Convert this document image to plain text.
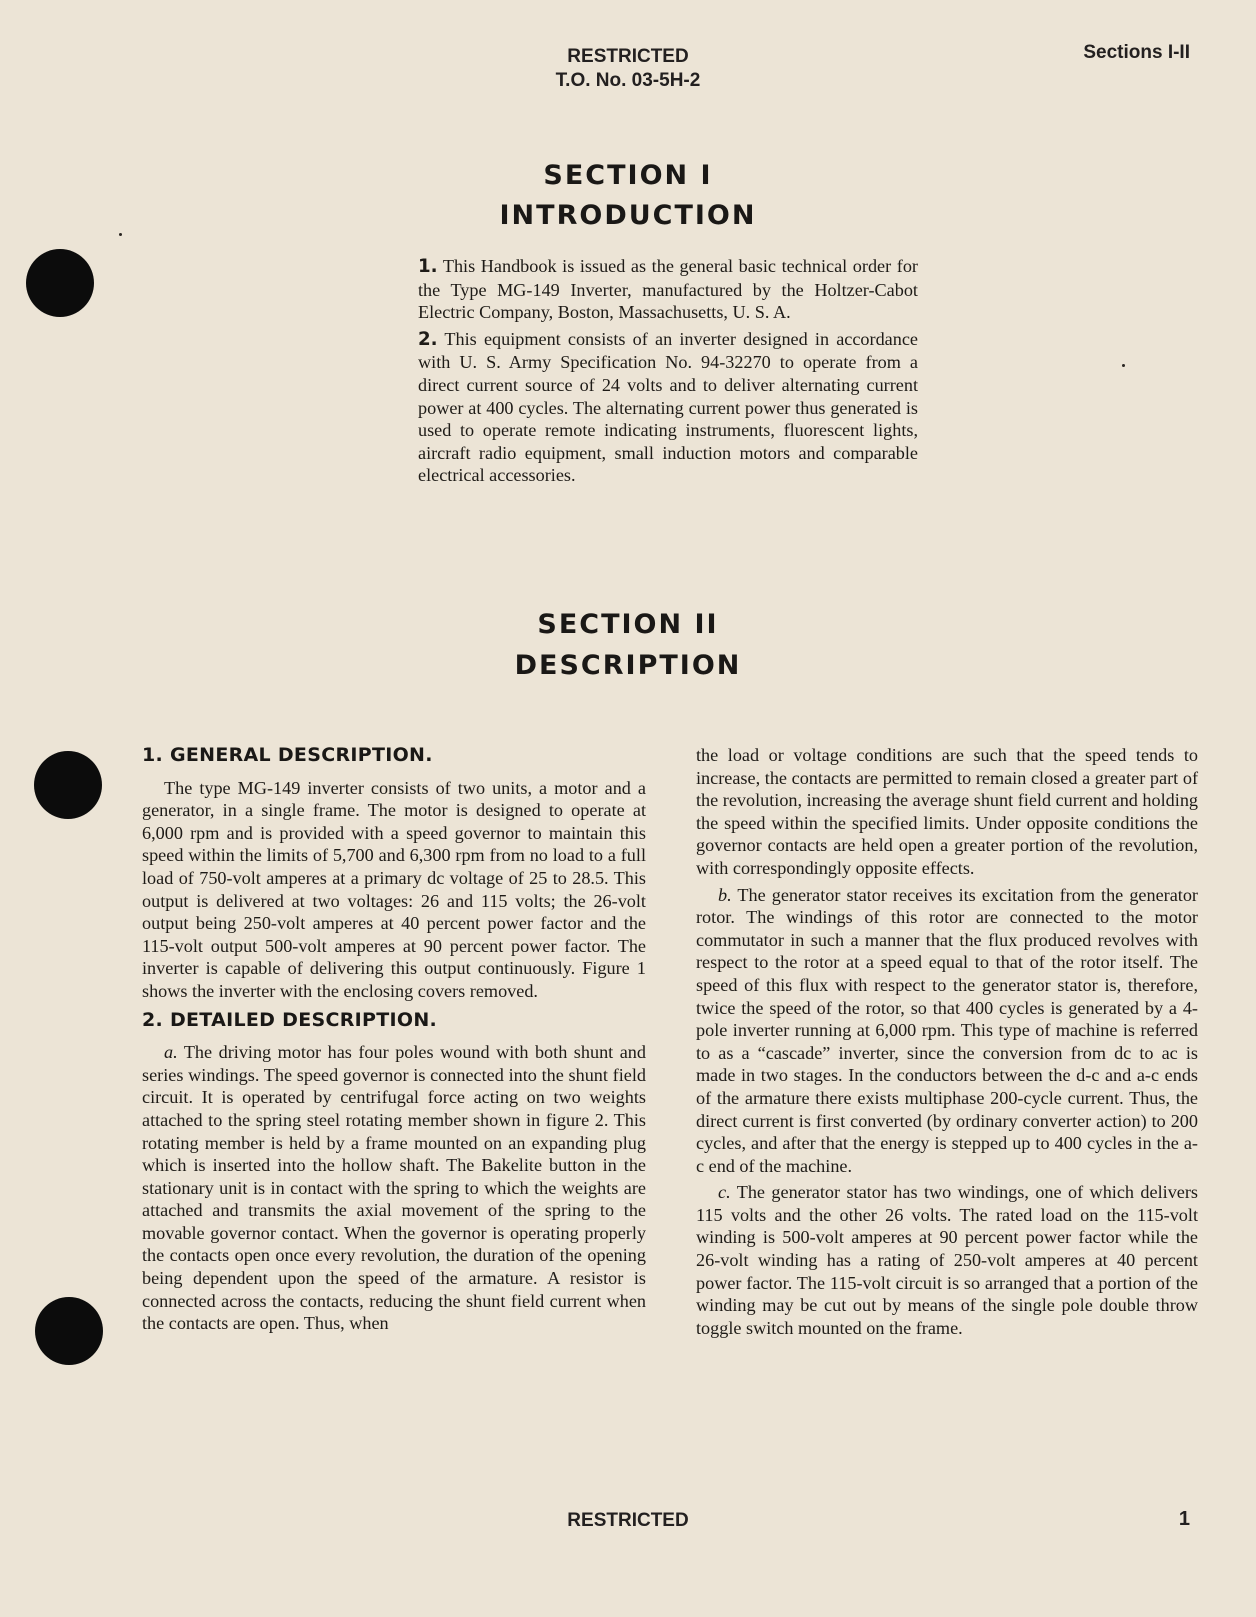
RESTRICTED
T.O. No. 03-5H-2
Sections I-II
SECTION I
INTRODUCTION

1. This Handbook is issued as the general basic technical order for the Type MG-149 Inverter, manufactured by the Holtzer-Cabot Electric Company, Boston, Massachusetts, U. S. A.

2. This equipment consists of an inverter designed in accordance with U. S. Army Specification No. 94-32270 to operate from a direct current source of 24 volts and to deliver alternating current power at 400 cycles. The alternating current power thus generated is used to operate remote indicating instruments, fluorescent lights, aircraft radio equipment, small induction motors and comparable electrical accessories.

SECTION II
DESCRIPTION
1. GENERAL DESCRIPTION.

The type MG-149 inverter consists of two units, a motor and a generator, in a single frame. The motor is designed to operate at 6,000 rpm and is provided with a speed governor to maintain this speed within the limits of 5,700 and 6,300 rpm from no load to a full load of 750-volt amperes at a primary dc voltage of 25 to 28.5. This output is delivered at two voltages: 26 and 115 volts; the 26-volt output being 250-volt amperes at 40 percent power factor and the 115-volt output 500-volt amperes at 90 percent power factor. The inverter is capable of delivering this output continuously. Figure 1 shows the inverter with the enclosing covers removed.

2. DETAILED DESCRIPTION.

a. The driving motor has four poles wound with both shunt and series windings. The speed governor is connected into the shunt field circuit. It is operated by centrifugal force acting on two weights attached to the spring steel rotating member shown in figure 2. This rotating member is held by a frame mounted on an expanding plug which is inserted into the hollow shaft. The Bakelite button in the stationary unit is in contact with the spring to which the weights are attached and transmits the axial movement of the spring to the movable governor contact. When the governor is operating properly the contacts open once every revolution, the duration of the opening being dependent upon the speed of the armature. A resistor is connected across the contacts, reducing the shunt field current when the contacts are open. Thus, when

the load or voltage conditions are such that the speed tends to increase, the contacts are permitted to remain closed a greater part of the revolution, increasing the average shunt field current and holding the speed within the specified limits. Under opposite conditions the governor contacts are held open a greater portion of the revolution, with correspondingly opposite effects.

b. The generator stator receives its excitation from the generator rotor. The windings of this rotor are connected to the motor commutator in such a manner that the flux produced revolves with respect to the rotor at a speed equal to that of the rotor itself. The speed of this flux with respect to the generator stator is, therefore, twice the speed of the rotor, so that 400 cycles is generated by a 4-pole inverter running at 6,000 rpm. This type of machine is referred to as a “cascade” inverter, since the conversion from dc to ac is made in two stages. In the conductors between the d-c and a-c ends of the armature there exists multiphase 200-cycle current. Thus, the direct current is first converted (by ordinary converter action) to 200 cycles, and after that the energy is stepped up to 400 cycles in the a-c end of the machine.

c. The generator stator has two windings, one of which delivers 115 volts and the other 26 volts. The rated load on the 115-volt winding is 500-volt amperes at 90 percent power factor while the 26-volt winding has a rating of 250-volt amperes at 40 percent power factor. The 115-volt circuit is so arranged that a portion of the winding may be cut out by means of the single pole double throw toggle switch mounted on the frame.

RESTRICTED	1
